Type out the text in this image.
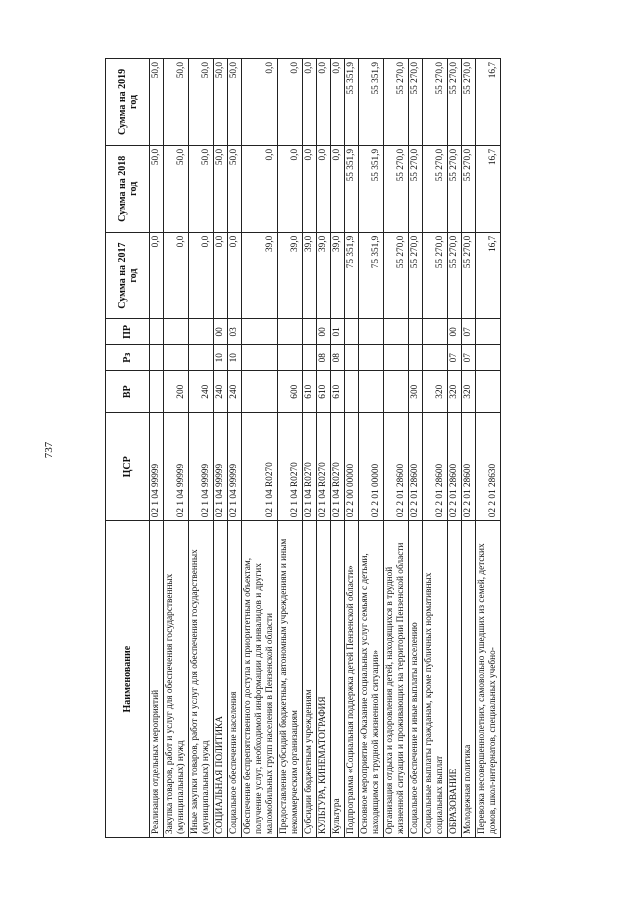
737
Наименование	ЦСР	ВР	Рз	ПР	Сумма на 2017 год	Сумма на 2018 год	Сумма на 2019 год
Реализация отдельных мероприятий	02 1 04 99999				0,0	50,0	50,0
Закупка товаров, работ и услуг для обеспечения государственных (муниципальных) нужд	02 1 04 99999	200			0,0	50,0	50,0
Иные закупки товаров, работ и услуг для обеспечения государственных (муниципальных) нужд	02 1 04 99999	240			0,0	50,0	50,0
СОЦИАЛЬНАЯ ПОЛИТИКА	02 1 04 99999	240	10	00	0,0	50,0	50,0
Социальное обеспечение населения	02 1 04 99999	240	10	03	0,0	50,0	50,0
Обеспечение беспрепятственного доступа к приоритетным объектам, получение услуг, необходимой информации для инвалидов и других маломобильных групп населения в Пензенской области	02 1 04 R0270				39,0	0,0	0,0
Предоставление субсидий бюджетным, автономным учреждениям и иным некоммерческим организациям	02 1 04 R0270	600			39,0	0,0	0,0
Субсидии бюджетным учреждениям	02 1 04 R0270	610			39,0	0,0	0,0
КУЛЬТУРА, КИНЕМАТОГРАФИЯ	02 1 04 R0270	610	08	00	39,0	0,0	0,0
Культура	02 1 04 R0270	610	08	01	39,0	0,0	0,0
Подпрограмма «Социальная поддержка детей Пензенской области»	02 2 00 00000				75 351,9	55 351,9	55 351,9
Основное мероприятие «Оказание социальных услуг семьям с детьми, находящимся в трудной жизненной ситуации»	02 2 01 00000				75 351,9	55 351,9	55 351,9
Организация отдыха и оздоровления детей, находящихся в трудной жизненной ситуации и проживающих на территории Пензенской области	02 2 01 28600				55 270,0	55 270,0	55 270,0
Социальное обеспечение и иные выплаты населению	02 2 01 28600	300			55 270,0	55 270,0	55 270,0
Социальные выплаты гражданам, кроме публичных нормативных социальных выплат	02 2 01 28600	320			55 270,0	55 270,0	55 270,0
ОБРАЗОВАНИЕ	02 2 01 28600	320	07	00	55 270,0	55 270,0	55 270,0
Молодежная политика	02 2 01 28600	320	07	07	55 270,0	55 270,0	55 270,0
Перевозка несовершеннолетних, самовольно ушедших из семей, детских домов, школ-интернатов, специальных учебно-	02 2 01 28630				16,7	16,7	16,7
